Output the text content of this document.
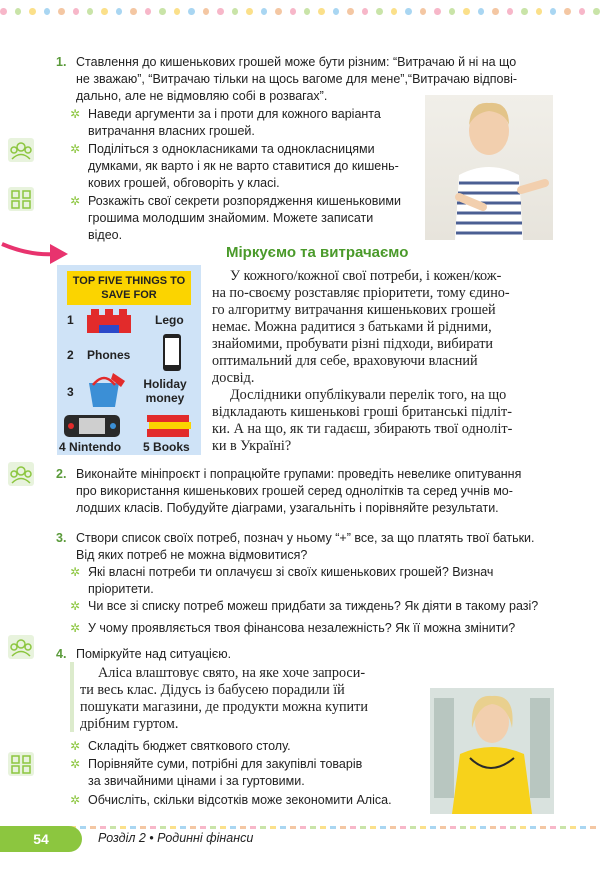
1. Ставлення до кишенькових грошей може бути різним: “Витрачаю й ні на що
не зважаю”, “Витрачаю тільки на щось вагоме для мене”,“Витрачаю відпові-
дально, але не відмовляю собі в розвагах”.
✲ Наведи аргументи за і проти для кожного варіанта
витрачання власних грошей.
✲ Поділіться з однокласниками та однокласницями
думками, як варто і як не варто ставитися до кишень-
кових грошей, обговоріть у класі.
✲ Розкажіть свої секрети розпорядження кишеньковими
грошима молодшим знайомим. Можете записати
відео.
Міркуємо та витрачаємо
TOP FIVE THINGS TO SAVE FOR
1	Lego
2 Phones
3
Holiday money
4 Nintendo 5 Books
У кожного/кожної свої потреби, і кожен/кож-
на по-своєму розставляє пріоритети, тому єдино-
го алгоритму витрачання кишенькових грошей
немає. Можна радитися з батьками й рідними,
знайомими, пробувати різні підходи, вибирати
оптимальний для себе, враховуючи власний
досвід.
Дослідники опублікували перелік того, на що
відкладають кишенькові гроші британські підліт-
ки. А на що, як ти гадаєш, збирають твої однoліт-
ки в Україні?
2. Виконайте мініпроєкт і попрацюйте групами: проведіть невелике опитування
про використання кишенькових грошей серед однолітків та серед учнів мо-
лодших класів. Побудуйте діаграми, узагальніть і порівняйте результати.
3. Створи список своїх потреб, познач у ньому “+” все, за що платять твої батьки.
Від яких потреб не можна відмовитися?
✲ Які власні потреби ти оплачуєш зі своїх кишенькових грошей? Визнач
пріоритети.
✲ Чи все зі списку потреб можеш придбати за тиждень? Як діяти в такому разі?
✲ У чому проявляється твоя фінансова незалежність? Як її можна змінити?
4. Поміркуйте над ситуацією.
Аліса влаштовує свято, на яке хоче запроси-
ти весь клас. Дідусь із бабусею порадили їй
пошукати магазини, де продукти можна купити
дрібним гуртом.
✲ Складіть бюджет святкового столу.
✲ Порівняйте суми, потрібні для закупівлі товарів
за звичайними цінами і за гуртовими.
✲ Обчисліть, скільки відсотків може зекономити Аліса.
54	Розділ 2 • Родинні фінанси
